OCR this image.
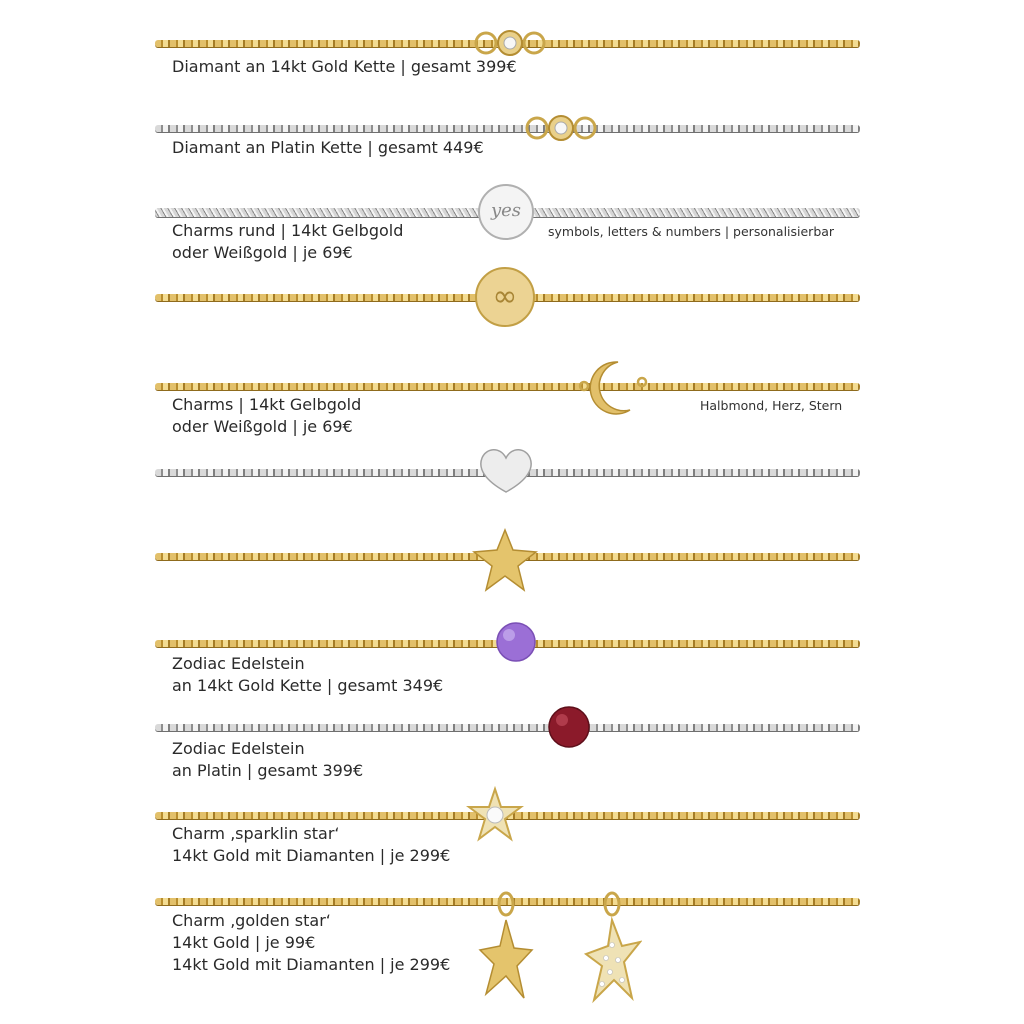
Diamant an 14kt Gold Kette | gesamt 399€
Diamant an Platin Kette | gesamt 449€
yes
Charms rund | 14kt Gelbgold
oder Weißgold | je 69€
symbols, letters & numbers | personalisierbar
∞
Charms | 14kt Gelbgold
oder Weißgold | je 69€
Halbmond, Herz, Stern
Zodiac Edelstein
an 14kt Gold Kette | gesamt 349€
Zodiac Edelstein
an Platin | gesamt 399€
Charm ‚sparklin star‘
14kt Gold mit Diamanten | je 299€
Charm ‚golden star‘
14kt Gold | je 99€
14kt Gold mit Diamanten | je 299€
